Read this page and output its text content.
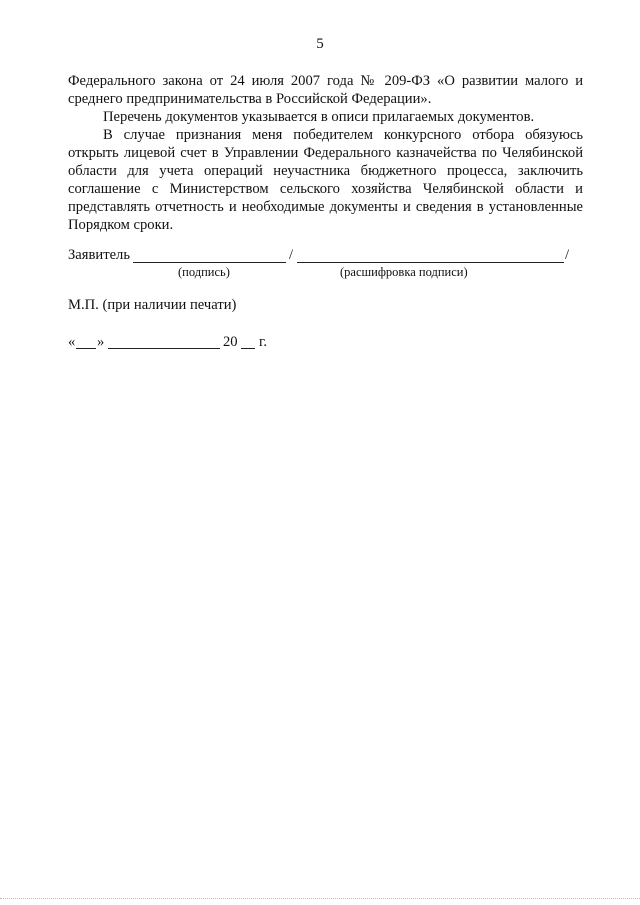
5

Федерального закона от 24 июля 2007 года № 209-ФЗ «О развитии малого и среднего предпринимательства в Российской Федерации».

Перечень документов указывается в описи прилагаемых документов.

В случае признания меня победителем конкурсного отбора обязуюсь открыть лицевой счет в Управлении Федерального казначейства по Челябинской области для учета операций неучастника бюджетного процесса, заключить соглашение с Министерством сельского хозяйства Челябинской области и представлять отчетность и необходимые документы и сведения в установленные Порядком сроки.

Заявитель	/	/
(подпись)	(расшифровка подписи)
М.П. (при наличии печати)
« »	20 г.
